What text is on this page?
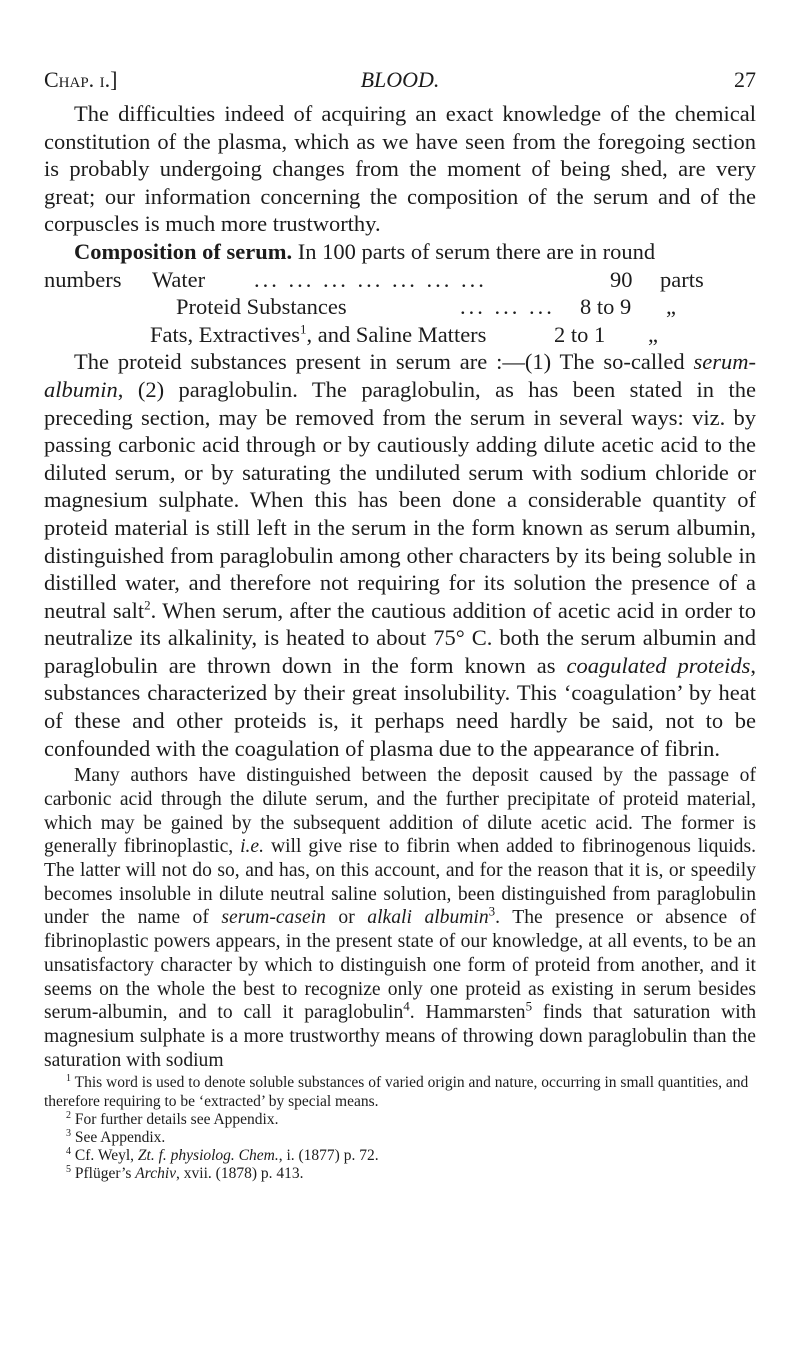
Chap. i.]	BLOOD.	27

The difficulties indeed of acquiring an exact knowledge of the chemical constitution of the plasma, which as we have seen from the foregoing section is probably undergoing changes from the moment of being shed, are very great; our information concerning the composition of the serum and of the corpuscles is much more trustworthy.

Composition of serum. In 100 parts of serum there are in round

numbers Water ... ... ... ... ... ... ...	90 parts
Proteid Substances	... ... ... 8 to 9 „
Fats, Extractives$^1$, and Saline Matters	2 to 1 „

The proteid substances present in serum are :—(1) The so-called serum-albumin, (2) paraglobulin. The paraglobulin, as has been stated in the preceding section, may be removed from the serum in several ways: viz. by passing carbonic acid through or by cautiously adding dilute acetic acid to the diluted serum, or by saturating the undiluted serum with sodium chloride or magnesium sulphate. When this has been done a considerable quantity of proteid material is still left in the serum in the form known as serum albumin, distinguished from paraglobulin among other characters by its being soluble in distilled water, and therefore not requiring for its solution the presence of a neutral salt$^2$. When serum, after the cautious addition of acetic acid in order to neutralize its alkalinity, is heated to about 75° C. both the serum albumin and paraglobulin are thrown down in the form known as coagulated proteids, substances characterized by their great insolubility. This ‘coagulation’ by heat of these and other proteids is, it perhaps need hardly be said, not to be confounded with the coagulation of plasma due to the appearance of fibrin.

Many authors have distinguished between the deposit caused by the passage of carbonic acid through the dilute serum, and the further precipitate of proteid material, which may be gained by the subsequent addition of dilute acetic acid. The former is generally fibrinoplastic, i.e. will give rise to fibrin when added to fibrinogenous liquids. The latter will not do so, and has, on this account, and for the reason that it is, or speedily becomes insoluble in dilute neutral saline solution, been distinguished from paraglobulin under the name of serum-casein or alkali albumin$^3$. The presence or absence of fibrinoplastic powers appears, in the present state of our knowledge, at all events, to be an unsatisfactory character by which to distinguish one form of proteid from another, and it seems on the whole the best to recognize only one proteid as existing in serum besides serum-albumin, and to call it paraglobulin$^4$. Hammarsten$^5$ finds that saturation with magnesium sulphate is a more trustworthy means of throwing down paraglobulin than the saturation with sodium

$^1$ This word is used to denote soluble substances of varied origin and nature, occurring in small quantities, and therefore requiring to be ‘extracted’ by special means.

$^2$ For further details see Appendix.

$^3$ See Appendix.

$^4$ Cf. Weyl, Zt. f. physiolog. Chem., i. (1877) p. 72.

$^5$ Pflüger’s Archiv, xvii. (1878) p. 413.
